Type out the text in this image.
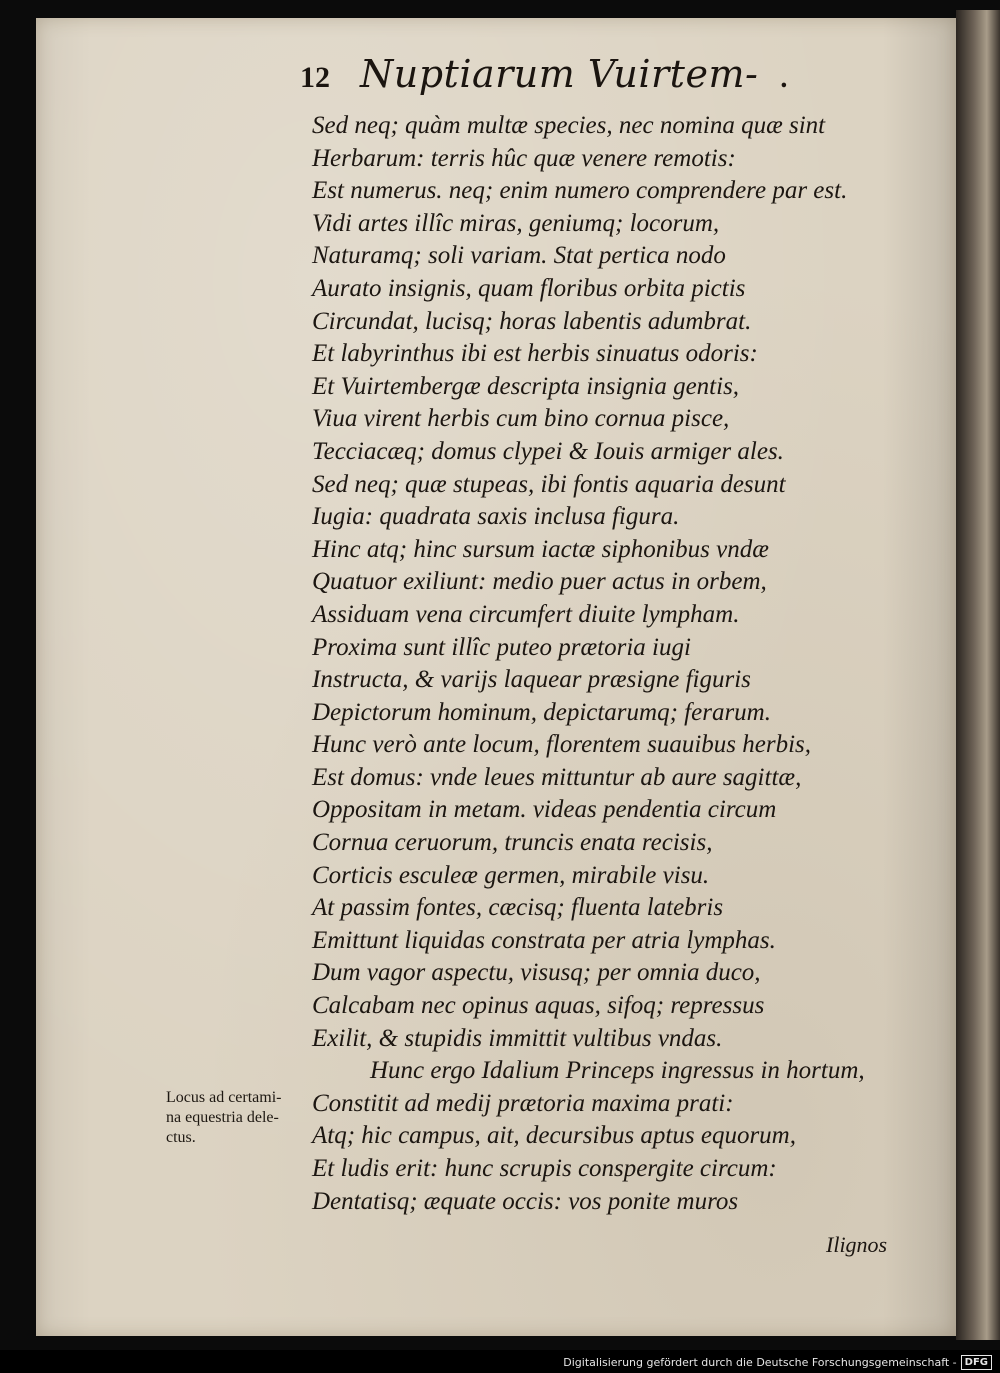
12 Nuptiarum Vuirtem- .
Sed neq; quàm multæ species, nec nomina quæ sint
Herbarum: terris hûc quæ venere remotis:
Est numerus. neq; enim numero comprendere par est.
Vidi artes illîc miras, geniumq; locorum,
Naturamq; soli variam. Stat pertica nodo
Aurato insignis, quam floribus orbita pictis
Circundat, lucisq; horas labentis adumbrat.
Et labyrinthus ibi est herbis sinuatus odoris:
Et Vuirtembergæ descripta insignia gentis,
Viua virent herbis cum bino cornua pisce,
Tecciacæq; domus clypei & Iouis armiger ales.
Sed neq; quæ stupeas, ibi fontis aquaria desunt
Iugia: quadrata saxis inclusa figura.
Hinc atq; hinc sursum iactæ siphonibus vndæ
Quatuor exiliunt: medio puer actus in orbem,
Assiduam vena circumfert diuite lympham.
Proxima sunt illîc puteo prætoria iugi
Instructa, & varijs laquear præsigne figuris
Depictorum hominum, depictarumq; ferarum.
Hunc verò ante locum, florentem suauibus herbis,
Est domus: vnde leues mittuntur ab aure sagittæ,
Oppositam in metam. videas pendentia circum
Cornua ceruorum, truncis enata recisis,
Corticis esculeæ germen, mirabile visu.
At passim fontes, cæcisq; fluenta latebris
Emittunt liquidas constrata per atria lymphas.
Dum vagor aspectu, visusq; per omnia duco,
Calcabam nec opinus aquas, sifoq; repressus
Exilit, & stupidis immittit vultibus vndas.
Hunc ergo Idalium Princeps ingressus in hortum,
Constitit ad medij prætoria maxima prati:
Atq; hic campus, ait, decursibus aptus equorum,
Et ludis erit: hunc scrupis conspergite circum:
Dentatisq; æquate occis: vos ponite muros
Locus ad certami-
na equestria dele-
ctus.
Ilignos
Digitalisierung gefördert durch die Deutsche Forschungsgemeinschaft - DFG
